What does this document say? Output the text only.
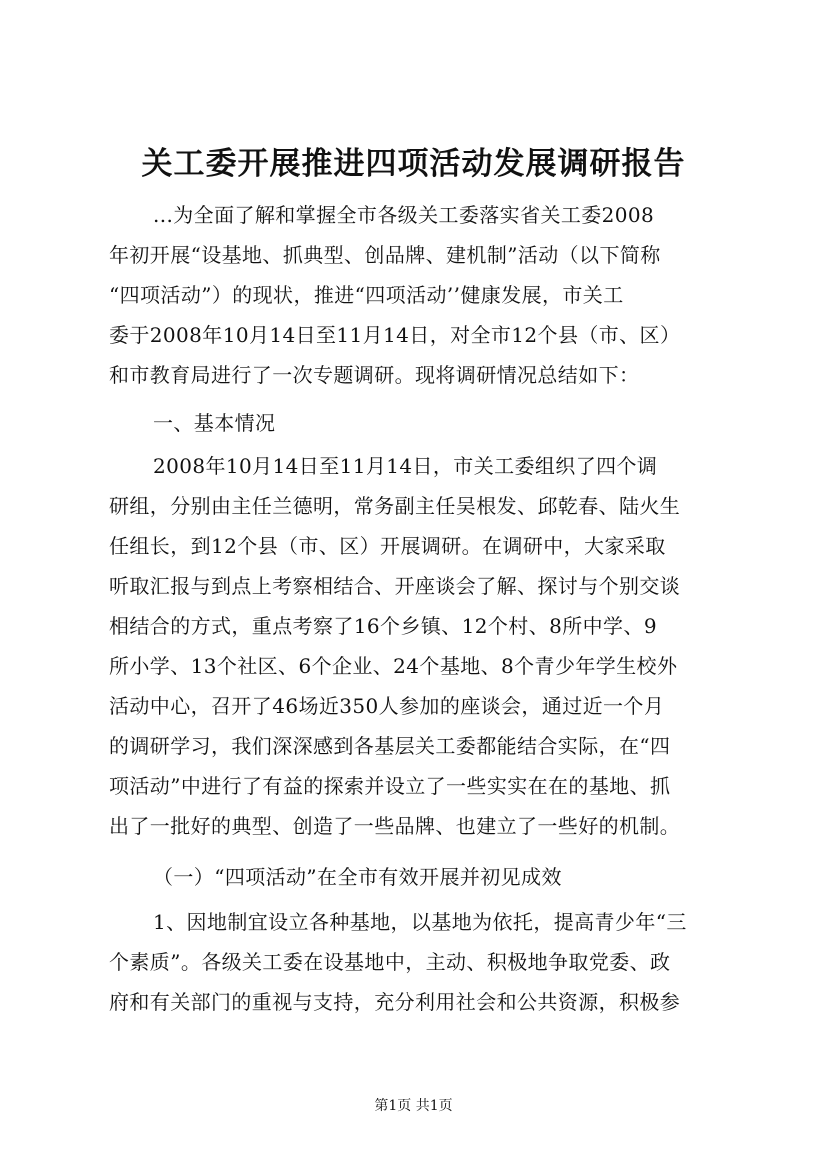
关工委开展推进四项活动发展调研报告
...为全面了解和掌握全市各级关工委落实省关工委2008
年初开展“设基地、抓典型、创品牌、建机制”活动（以下简称
“四项活动”）的现状，推进“四项活动’’健康发展，市关工
委于2008年10月14日至11月14日，对全市12个县（市、区）
和市教育局进行了一次专题调研。现将调研情况总结如下：
一、基本情况
2008年10月14日至11月14日，市关工委组织了四个调
研组，分别由主任兰德明，常务副主任吴根发、邱乾春、陆火生
任组长，到12个县（市、区）开展调研。在调研中，大家采取
听取汇报与到点上考察相结合、开座谈会了解、探讨与个别交谈
相结合的方式，重点考察了16个乡镇、12个村、8所中学、9
所小学、13个社区、6个企业、24个基地、8个青少年学生校外
活动中心，召开了46场近350人参加的座谈会，通过近一个月
的调研学习，我们深深感到各基层关工委都能结合实际，在“四
项活动”中进行了有益的探索并设立了一些实实在在的基地、抓
出了一批好的典型、创造了一些品牌、也建立了一些好的机制。
（一）“四项活动”在全市有效开展并初见成效
1、因地制宜设立各种基地，以基地为依托，提高青少年“三
个素质”。各级关工委在设基地中，主动、积极地争取党委、政
府和有关部门的重视与支持，充分利用社会和公共资源，积极参
第1页 共1页
